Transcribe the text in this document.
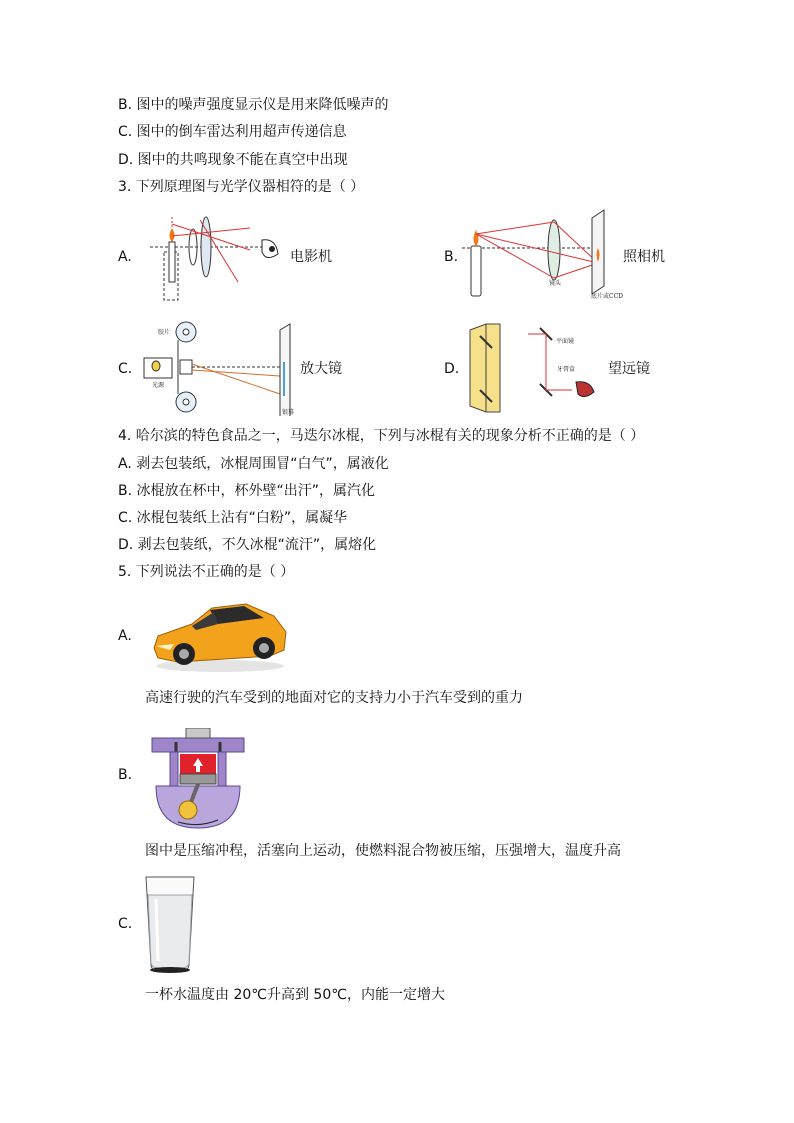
B. 图中的噪声强度显示仪是用来降低噪声的
C. 图中的倒车雷达利用超声传递信息
D. 图中的共鸣现象不能在真空中出现
3. 下列原理图与光学仪器相符的是（ ）
A.	电影机	B.
镜头
底片或CCD
照相机
C.
胶片
光源
银幕
放大镜	D.
平面镜
牙膏盒 望远镜
4. 哈尔滨的特色食品之一，马迭尔冰棍，下列与冰棍有关的现象分析不正确的是（ ）
A. 剥去包装纸，冰棍周围冒“白气”，属液化
B. 冰棍放在杯中，杯外壁“出汗”，属汽化
C. 冰棍包装纸上沾有“白粉”，属凝华
D. 剥去包装纸，不久冰棍“流汗”，属熔化
5. 下列说法不正确的是（ ）
A.
高速行驶的汽车受到的地面对它的支持力小于汽车受到的重力
B.
图中是压缩冲程，活塞向上运动，使燃料混合物被压缩，压强增大，温度升高
C.
一杯水温度由 20℃升高到 50℃，内能一定增大
